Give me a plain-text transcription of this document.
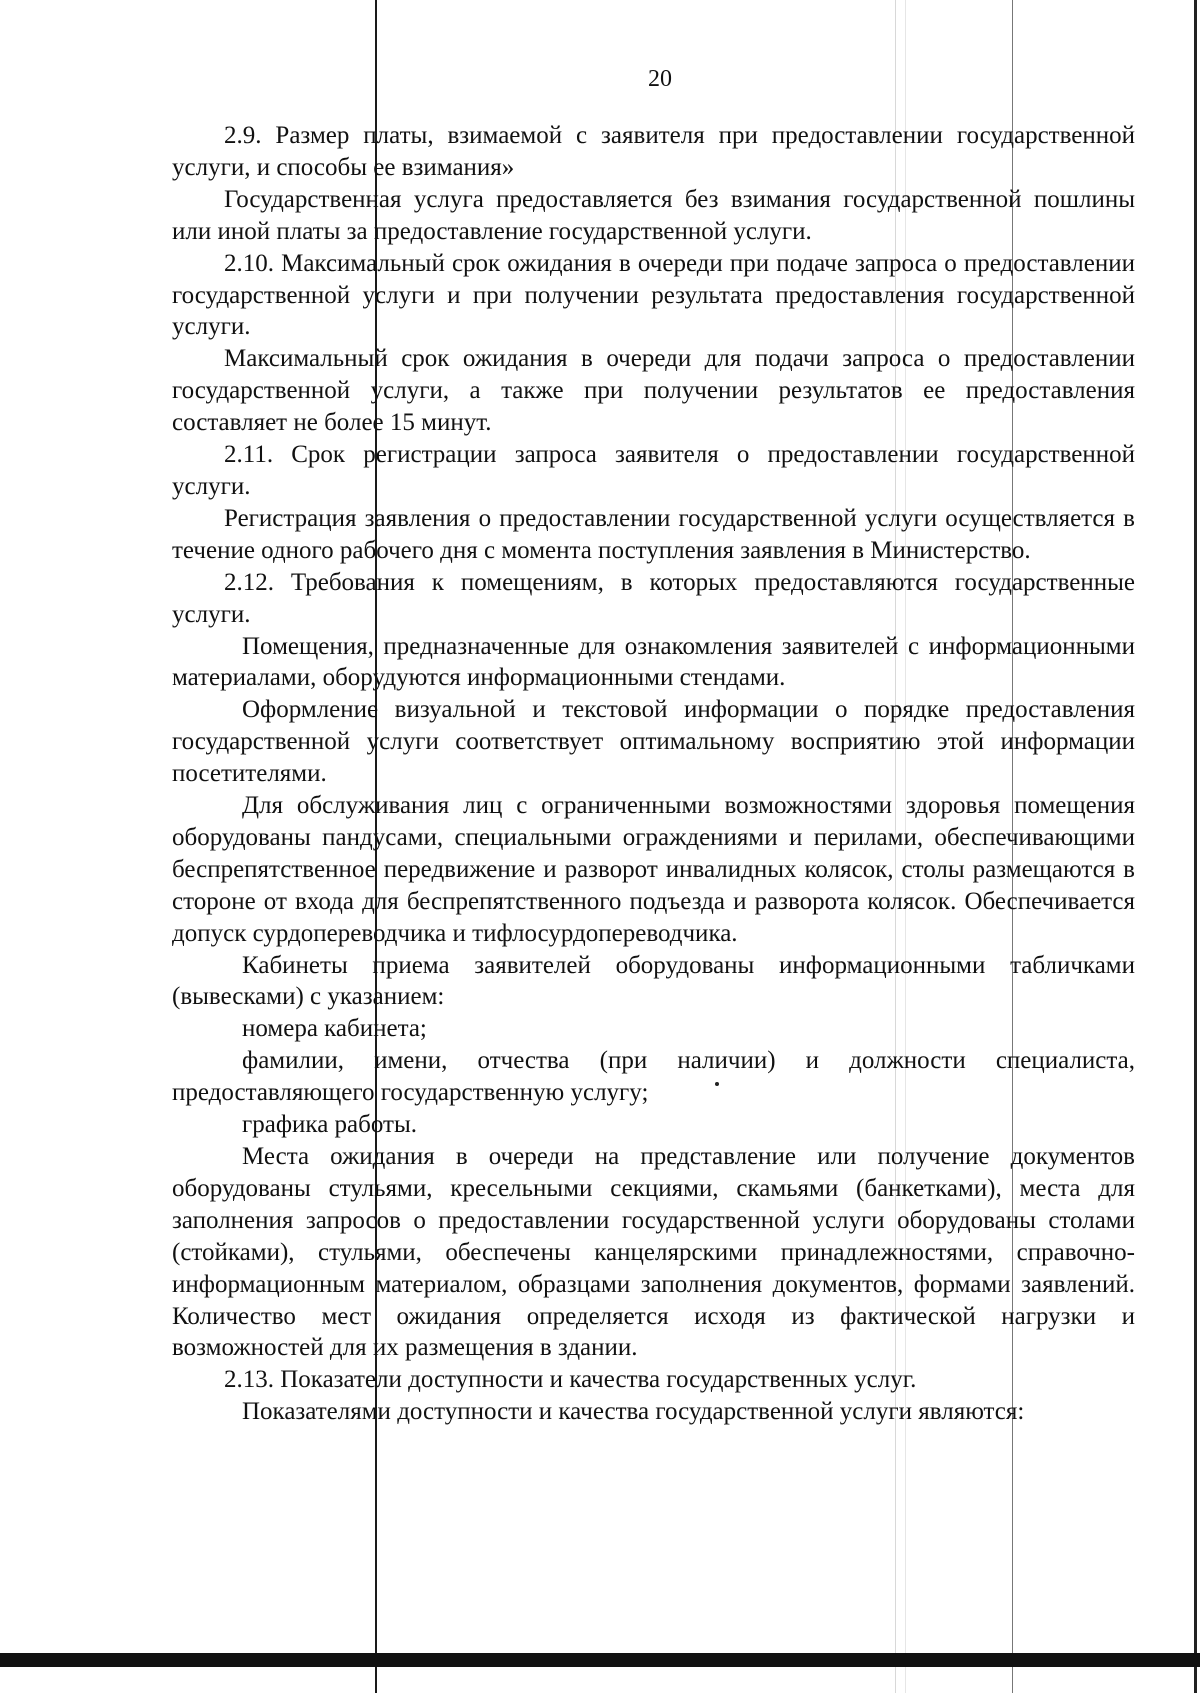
20

2.9. Размер платы, взимаемой с заявителя при предоставлении государственной услуги, и способы ее взимания»

Государственная услуга предоставляется без взимания государственной пошлины или иной платы за предоставление государственной услуги.

2.10. Максимальный срок ожидания в очереди при подаче запроса о предоставлении государственной услуги и при получении результата предоставления государственной услуги.

Максимальный срок ожидания в очереди для подачи запроса о предоставлении государственной услуги, а также при получении результатов ее предоставления составляет не более 15 минут.

2.11. Срок регистрации запроса заявителя о предоставлении государственной услуги.

Регистрация заявления о предоставлении государственной услуги осуществляется в течение одного рабочего дня с момента поступления заявления в Министерство.

2.12. Требования к помещениям, в которых предоставляются государственные услуги.

Помещения, предназначенные для ознакомления заявителей с информационными материалами, оборудуются информационными стендами.

Оформление визуальной и текстовой информации о порядке предоставления государственной услуги соответствует оптимальному восприятию этой информации посетителями.

Для обслуживания лиц с ограниченными возможностями здоровья помещения оборудованы пандусами, специальными ограждениями и перилами, обеспечивающими беспрепятственное передвижение и разворот инвалидных колясок, столы размещаются в стороне от входа для беспрепятственного подъезда и разворота колясок. Обеспечивается допуск сурдопереводчика и тифлосурдопереводчика.

Кабинеты приема заявителей оборудованы информационными табличками (вывесками) с указанием:

номера кабинета;

фамилии, имени, отчества (при наличии) и должности специалиста, предоставляющего государственную услугу;

графика работы.

Места ожидания в очереди на представление или получение документов оборудованы стульями, кресельными секциями, скамьями (банкетками), места для заполнения запросов о предоставлении государственной услуги оборудованы столами (стойками), стульями, обеспечены канцелярскими принадлежностями, справочно-информационным материалом, образцами заполнения документов, формами заявлений. Количество мест ожидания определяется исходя из фактической нагрузки и возможностей для их размещения в здании.

2.13. Показатели доступности и качества государственных услуг.

Показателями доступности и качества государственной услуги являются:
